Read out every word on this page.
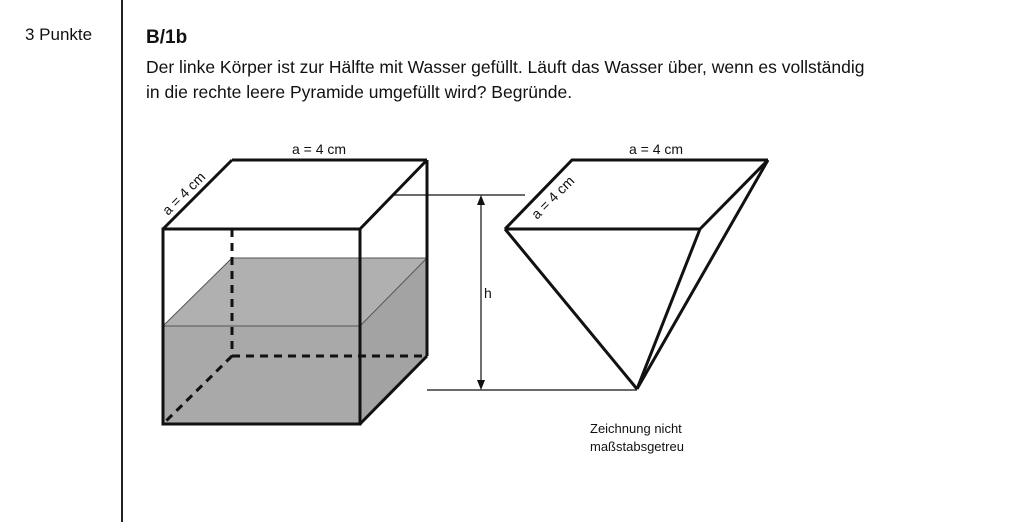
3 Punkte	B/1b
Der linke Körper ist zur Hälfte mit Wasser gefüllt. Läuft das Wasser über, wenn es vollständig
in die rechte leere Pyramide umgefüllt wird? Begründe.
h
a = 4 cm
a = 4 cm
a = 4 cm
a = 4 cm
Zeichnung nicht
maßstabsgetreu
